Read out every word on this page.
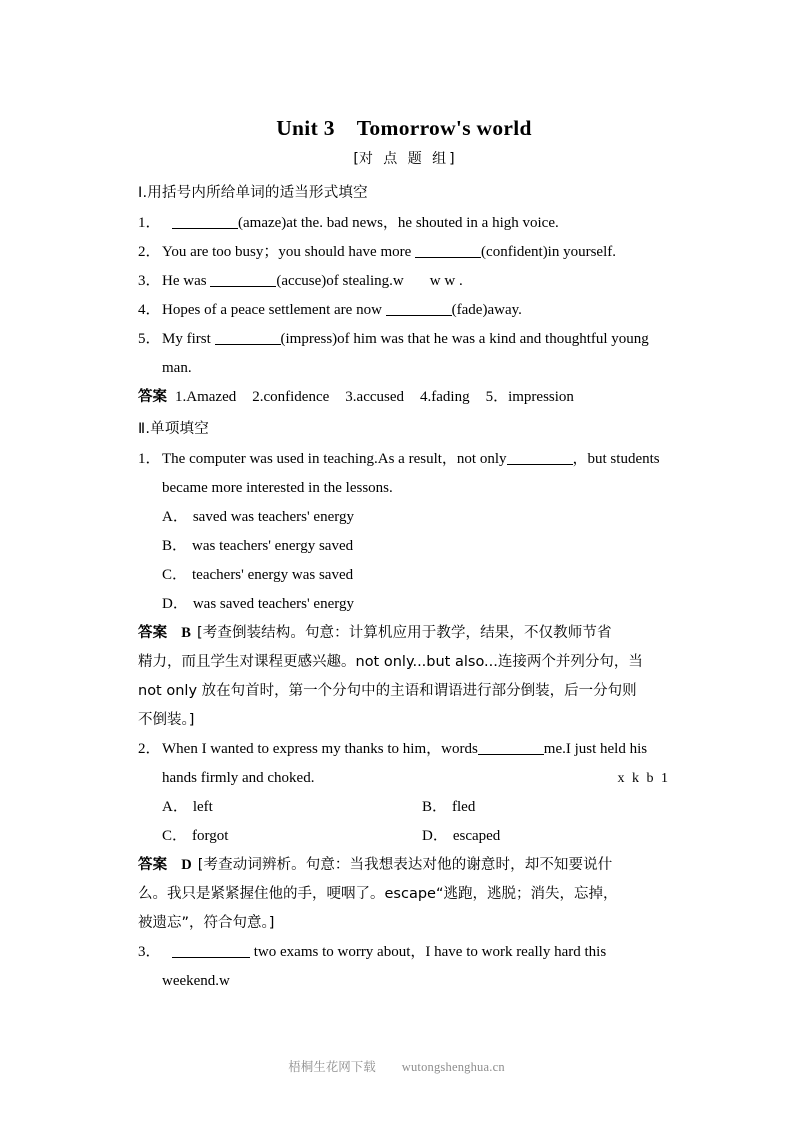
Unit 3 Tomorrow's world
[对 点 题 组]
Ⅰ.用括号内所给单词的适当形式填空
1．	(amaze)at the. bad news，he shouted in a high voice.
2． You are too busy；you should have more	(confident)in yourself.
3． He was	(accuse)of stealing.w w w .
4． Hopes of a peace settlement are now	(fade)away.
5． My first	(impress)of him was that he was a kind and thoughtful young
man.
答案 1.Amazed 2.confidence 3.accused 4.fading 5．impression
Ⅱ.单项填空
1． The computer was used in teaching.As a result，not only	，but students
became more interested in the lessons.
A． saved was teachers' energy
B． was teachers' energy saved
C． teachers' energy was saved
D． was saved teachers' energy
答案 B [考查倒装结构。句意：计算机应用于教学，结果，不仅教师节省
精力，而且学生对课程更感兴趣。not only...but also...连接两个并列分句，当
not only 放在句首时，第一个分句中的主语和谓语进行部分倒装，后一分句则
不倒装。]
2． When I wanted to express my thanks to him，words	me.I just held his
x k b 1
hands firmly and choked.
A． left	B． fled
C． forgot	D． escaped
答案 D [考查动词辨析。句意：当我想表达对他的谢意时，却不知要说什
么。我只是紧紧握住他的手，哽咽了。escape“逃跑，逃脱；消失，忘掉，
被遗忘”，符合句意。]
3．	two exams to worry about，I have to work really hard this weekend.w
梧桐生花网下载 wutongshenghua.cn
